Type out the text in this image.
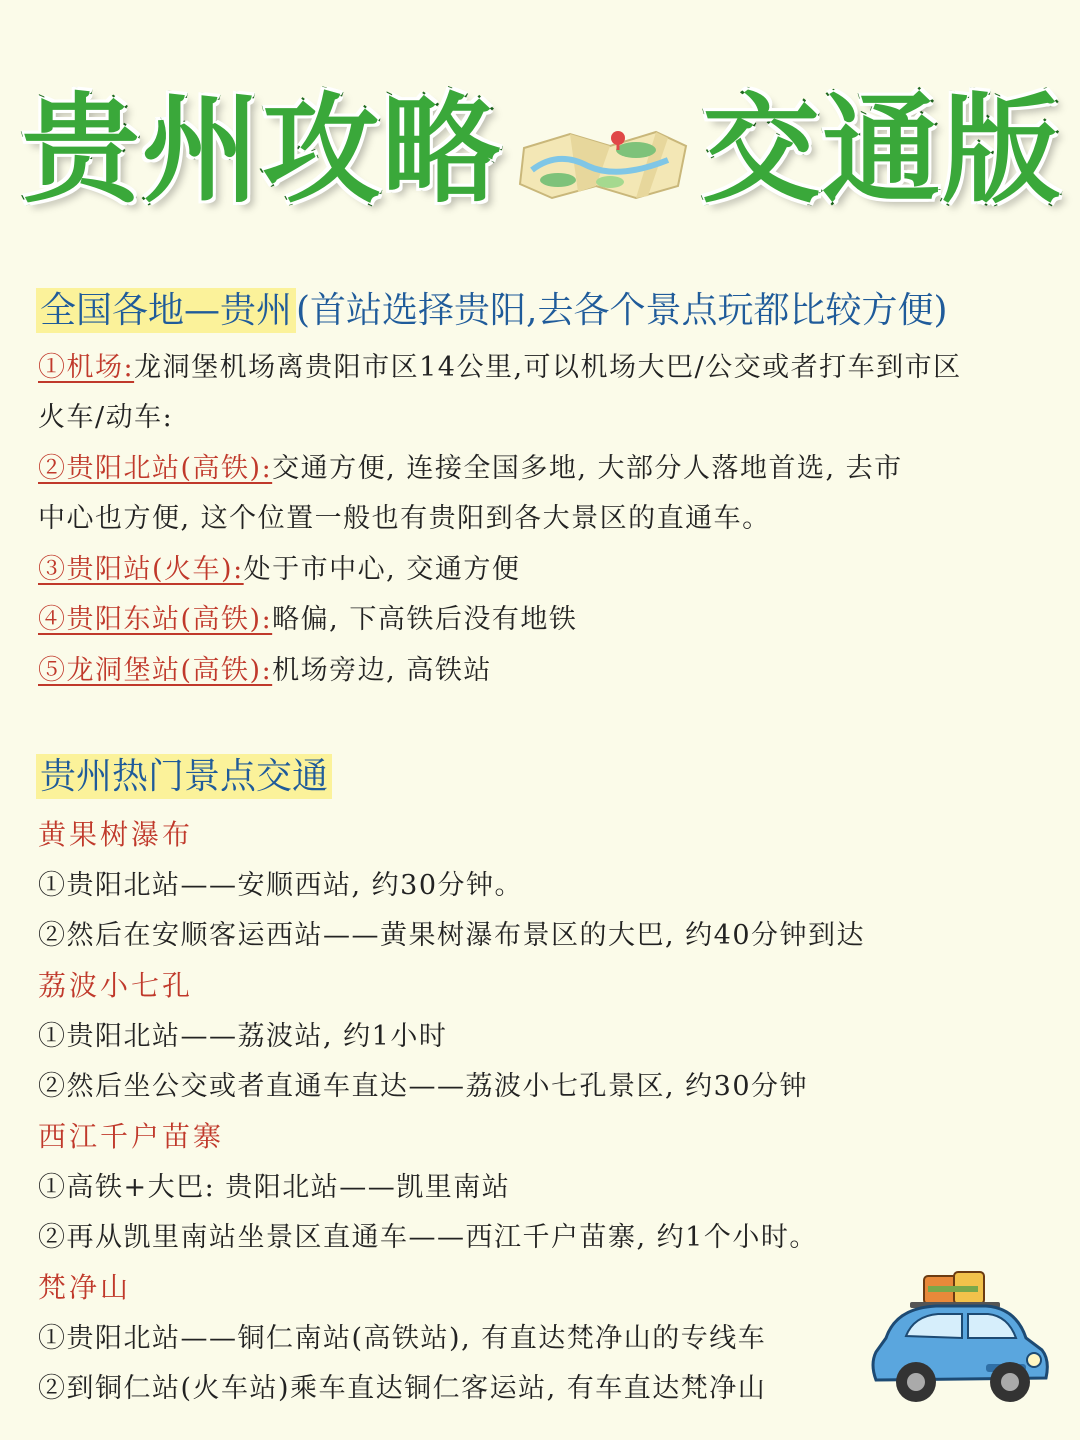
贵州攻略 交通版
全国各地—贵州 (首站选择贵阳,去各个景点玩都比较方便)
①机场:龙洞堡机场离贵阳市区14公里,可以机场大巴/公交或者打车到市区
火车/动车:
②贵阳北站(高铁):交通方便, 连接全国多地, 大部分人落地首选, 去市
中心也方便, 这个位置一般也有贵阳到各大景区的直通车。
③贵阳站(火车):处于市中心, 交通方便
④贵阳东站(高铁):略偏, 下高铁后没有地铁
⑤龙洞堡站(高铁):机场旁边, 高铁站
贵州热门景点交通
黄果树瀑布
①贵阳北站——安顺西站, 约30分钟。
②然后在安顺客运西站——黄果树瀑布景区的大巴, 约40分钟到达
荔波小七孔
①贵阳北站——荔波站, 约1小时
②然后坐公交或者直通车直达——荔波小七孔景区, 约30分钟
西江千户苗寨
①高铁+大巴: 贵阳北站——凯里南站
②再从凯里南站坐景区直通车——西江千户苗寨, 约1个小时。
梵净山
①贵阳北站——铜仁南站(高铁站), 有直达梵净山的专线车
②到铜仁站(火车站)乘车直达铜仁客运站, 有车直达梵净山
